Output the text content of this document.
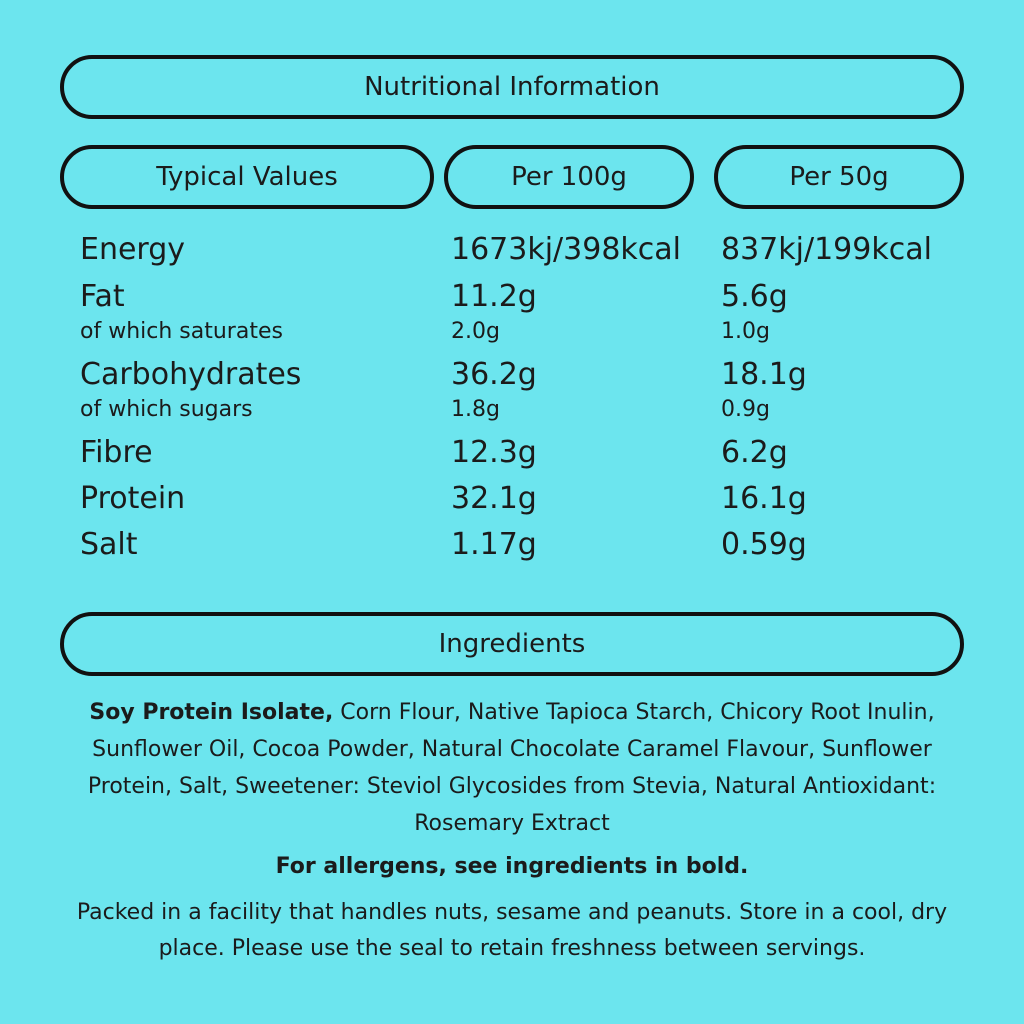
Nutritional Information
Typical Values	Per 100g	Per 50g
Energy	1673kj/398kcal 837kj/199kcal
Fat	11.2g	5.6g
of which saturates	2.0g	1.0g
Carbohydrates	36.2g	18.1g
of which sugars	1.8g	0.9g
Fibre	12.3g	6.2g
Protein	32.1g	16.1g
Salt	1.17g	0.59g
Ingredients
Soy Protein Isolate, Corn Flour, Native Tapioca Starch, Chicory Root Inulin, Sunflower Oil, Cocoa Powder, Natural Chocolate Caramel Flavour, Sunflower Protein, Salt, Sweetener: Steviol Glycosides from Stevia, Natural Antioxidant: Rosemary Extract
For allergens, see ingredients in bold.
Packed in a facility that handles nuts, sesame and peanuts. Store in a cool, dry place. Please use the seal to retain freshness between servings.
